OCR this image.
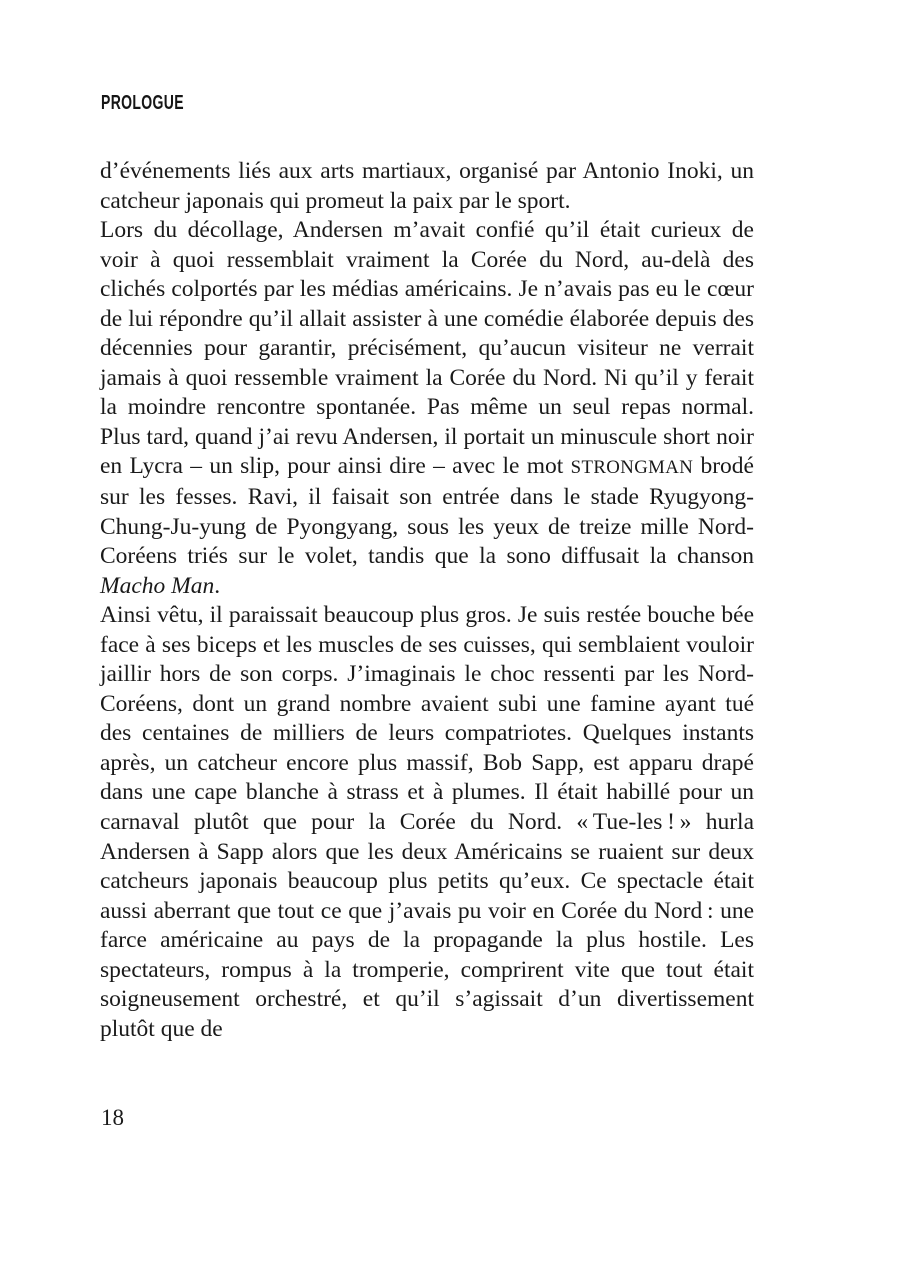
PROLOGUE

d’événements liés aux arts martiaux, organisé par Antonio Inoki, un catcheur japonais qui promeut la paix par le sport.

Lors du décollage, Andersen m’avait confié qu’il était curieux de voir à quoi ressemblait vraiment la Corée du Nord, au-delà des clichés colportés par les médias américains. Je n’avais pas eu le cœur de lui répondre qu’il allait assister à une comédie élaborée depuis des décennies pour garantir, précisément, qu’aucun visiteur ne verrait jamais à quoi ressemble vraiment la Corée du Nord. Ni qu’il y ferait la moindre rencontre spontanée. Pas même un seul repas normal. Plus tard, quand j’ai revu Andersen, il portait un minuscule short noir en Lycra – un slip, pour ainsi dire – avec le mot STRONGMAN brodé sur les fesses. Ravi, il faisait son entrée dans le stade Ryugyong-Chung-Ju-yung de Pyongyang, sous les yeux de treize mille Nord-Coréens triés sur le volet, tandis que la sono diffusait la chanson Macho Man.

Ainsi vêtu, il paraissait beaucoup plus gros. Je suis restée bouche bée face à ses biceps et les muscles de ses cuisses, qui semblaient vouloir jaillir hors de son corps. J’imaginais le choc ressenti par les Nord-Coréens, dont un grand nombre avaient subi une famine ayant tué des centaines de milliers de leurs compatriotes. Quelques instants après, un catcheur encore plus massif, Bob Sapp, est apparu drapé dans une cape blanche à strass et à plumes. Il était habillé pour un carnaval plutôt que pour la Corée du Nord. « Tue-les ! » hurla Andersen à Sapp alors que les deux Américains se ruaient sur deux catcheurs japonais beaucoup plus petits qu’eux. Ce spectacle était aussi aberrant que tout ce que j’avais pu voir en Corée du Nord : une farce américaine au pays de la propagande la plus hostile. Les spectateurs, rompus à la tromperie, comprirent vite que tout était soigneusement orchestré, et qu’il s’agissait d’un divertissement plutôt que de

18
